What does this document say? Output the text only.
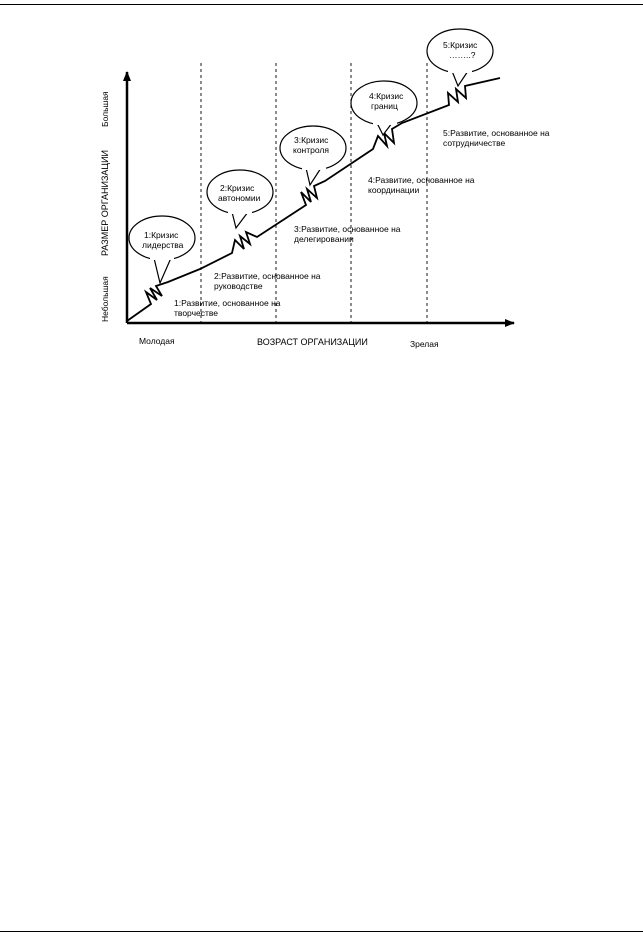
РАЗМЕР ОРГАНИЗАЦИИ
Большая
Небольшая
Молодая	ВОЗРАСТ ОРГАНИЗАЦИИ	Зрелая
1:Кризис
лидерства
2:Кризис
автономии
3:Кризис
контроля
4:Кризис
границ
5:Кризис
……..?
1:Развитие, основанное на
творчестве
2:Развитие, основанное на
руководстве
3:Развитие, основанное на
делегировании
4:Развитие, основанное на
координации
5:Развитие, основанное на
сотрудничестве
